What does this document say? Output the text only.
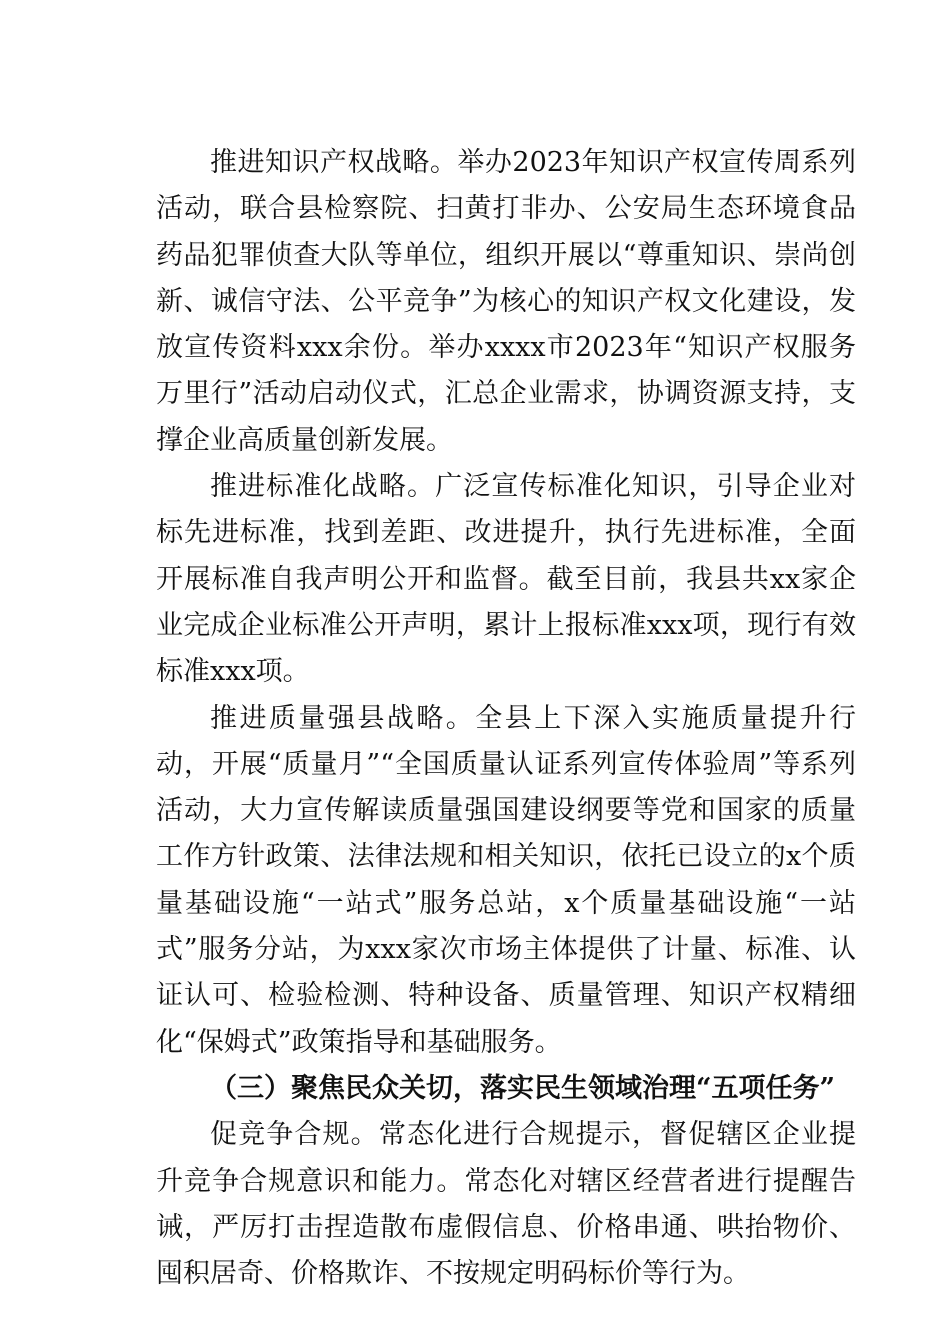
推进知识产权战略。举办2023年知识产权宣传周系列活动，联合县检察院、扫黄打非办、公安局生态环境食品药品犯罪侦查大队等单位，组织开展以“尊重知识、崇尚创新、诚信守法、公平竞争”为核心的知识产权文化建设，发放宣传资料xxx余份。举办xxxx市2023年“知识产权服务万里行”活动启动仪式，汇总企业需求，协调资源支持，支撑企业高质量创新发展。

推进标准化战略。广泛宣传标准化知识，引导企业对标先进标准，找到差距、改进提升，执行先进标准，全面开展标准自我声明公开和监督。截至目前，我县共xx家企业完成企业标准公开声明，累计上报标准xxx项，现行有效标准xxx项。

推进质量强县战略。全县上下深入实施质量提升行动，开展“质量月”“全国质量认证系列宣传体验周”等系列活动，大力宣传解读质量强国建设纲要等党和国家的质量工作方针政策、法律法规和相关知识，依托已设立的x个质量基础设施“一站式”服务总站，x个质量基础设施“一站式”服务分站，为xxx家次市场主体提供了计量、标准、认证认可、检验检测、特种设备、质量管理、知识产权精细化“保姆式”政策指导和基础服务。

（三）聚焦民众关切，落实民生领域治理“五项任务”

促竞争合规。常态化进行合规提示，督促辖区企业提升竞争合规意识和能力。常态化对辖区经营者进行提醒告诫，严厉打击捏造散布虚假信息、价格串通、哄抬物价、囤积居奇、价格欺诈、不按规定明码标价等行为。
